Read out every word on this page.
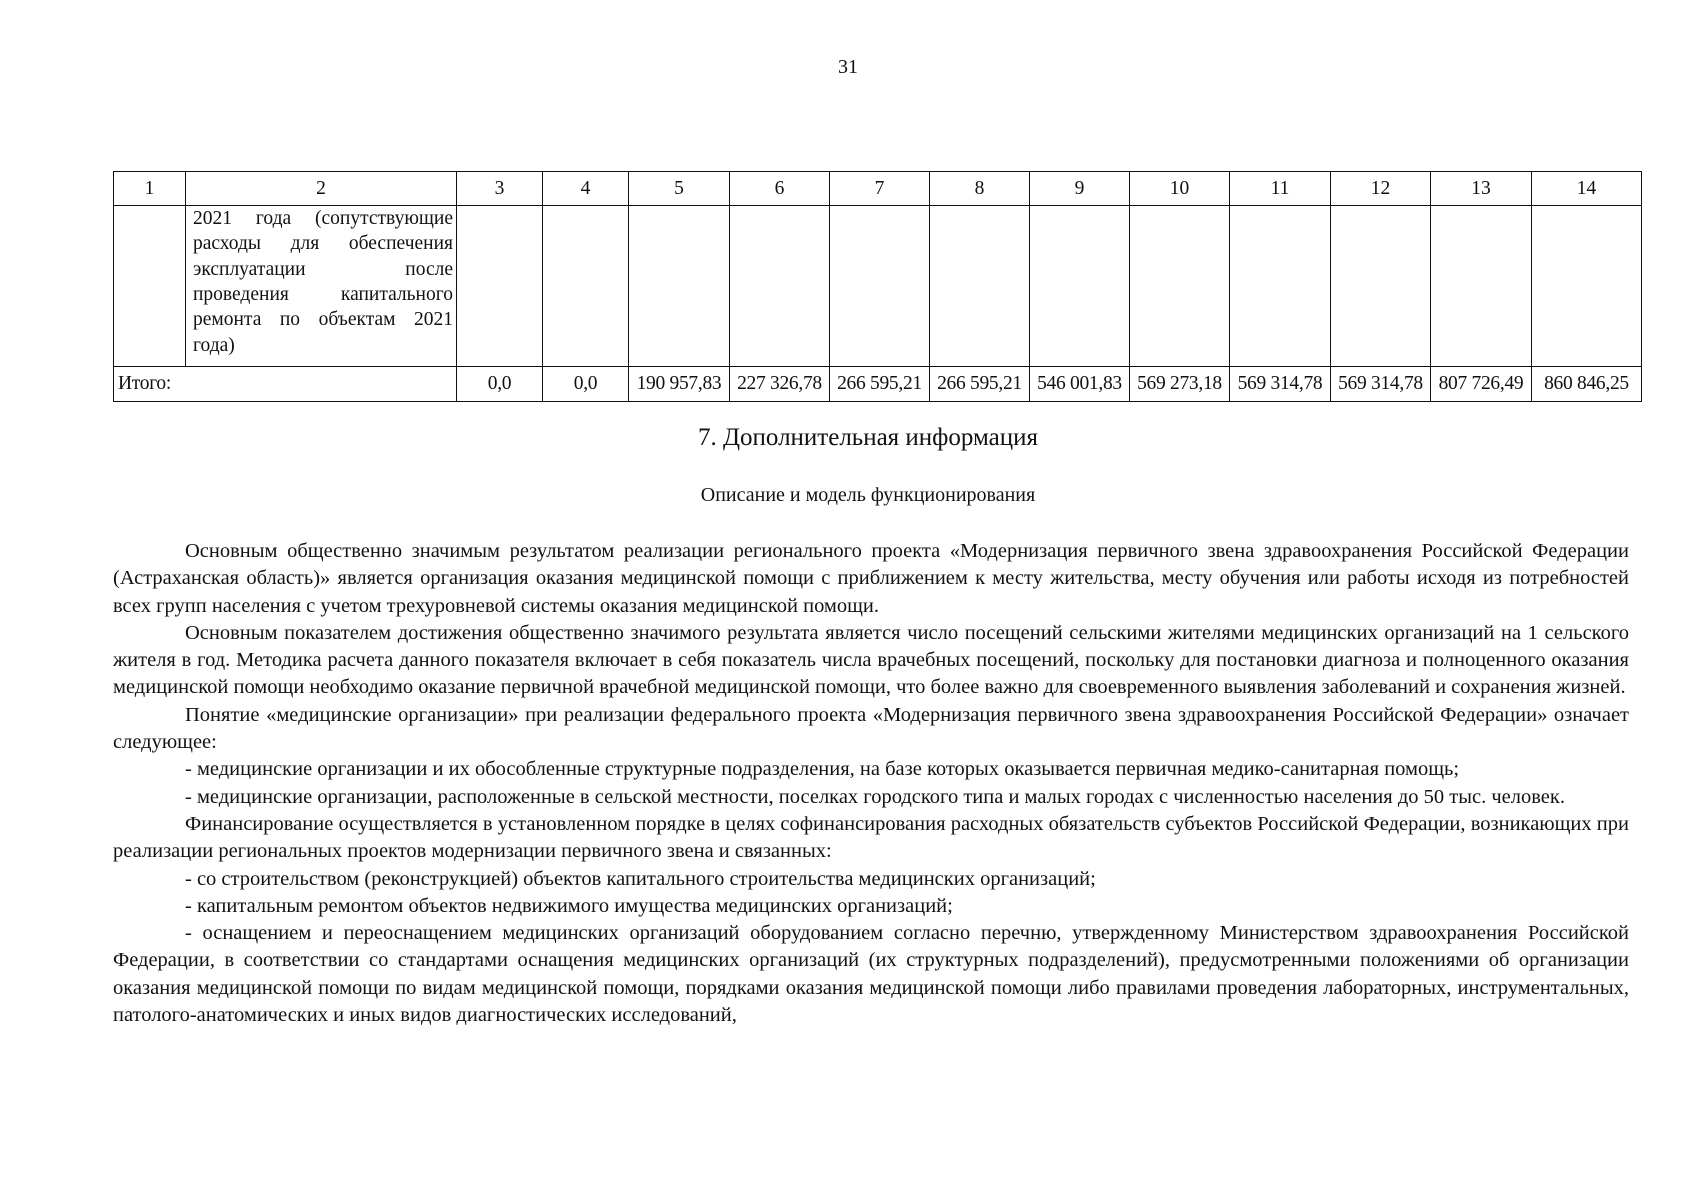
31
1	2	3	4	5	6	7	8	9	10	11	12	13	14
	2021 года (сопутствующие расходы для обеспечения эксплуатации после проведения капитального ремонта по объектам 2021 года)												
Итого:		0,0	0,0	190 957,83	227 326,78	266 595,21	266 595,21	546 001,83	569 273,18	569 314,78	569 314,78	807 726,49	860 846,25
7. Дополнительная информация
Описание и модель функционирования

Основным общественно значимым результатом реализации регионального проекта «Модернизация первичного звена здравоохранения Российской Федерации (Астраханская область)» является организация оказания медицинской помощи с приближением к месту жительства, месту обучения или работы исходя из потребностей всех групп населения с учетом трехуровневой системы оказания медицинской помощи.

Основным показателем достижения общественно значимого результата является число посещений сельскими жителями медицинских организаций на 1 сельского жителя в год. Методика расчета данного показателя включает в себя показатель числа врачебных посещений, поскольку для постановки диагноза и полноценного оказания медицинской помощи необходимо оказание первичной врачебной медицинской помощи, что более важно для своевременного выявления заболеваний и сохранения жизней.

Понятие «медицинские организации» при реализации федерального проекта «Модернизация первичного звена здравоохранения Российской Федерации» означает следующее:

- медицинские организации и их обособленные структурные подразделения, на базе которых оказывается первичная медико-санитарная помощь;

- медицинские организации, расположенные в сельской местности, поселках городского типа и малых городах с численностью населения до 50 тыс. человек.

Финансирование осуществляется в установленном порядке в целях софинансирования расходных обязательств субъектов Российской Федерации, возникающих при реализации региональных проектов модернизации первичного звена и связанных:

- со строительством (реконструкцией) объектов капитального строительства медицинских организаций;

- капитальным ремонтом объектов недвижимого имущества медицинских организаций;

- оснащением и переоснащением медицинских организаций оборудованием согласно перечню, утвержденному Министерством здравоохранения Российской Федерации, в соответствии со стандартами оснащения медицинских организаций (их структурных подразделений), предусмотренными положениями об организации оказания медицинской помощи по видам медицинской помощи, порядками оказания медицинской помощи либо правилами проведения лабораторных, инструментальных, патолого-анатомических и иных видов диагностических исследований,
